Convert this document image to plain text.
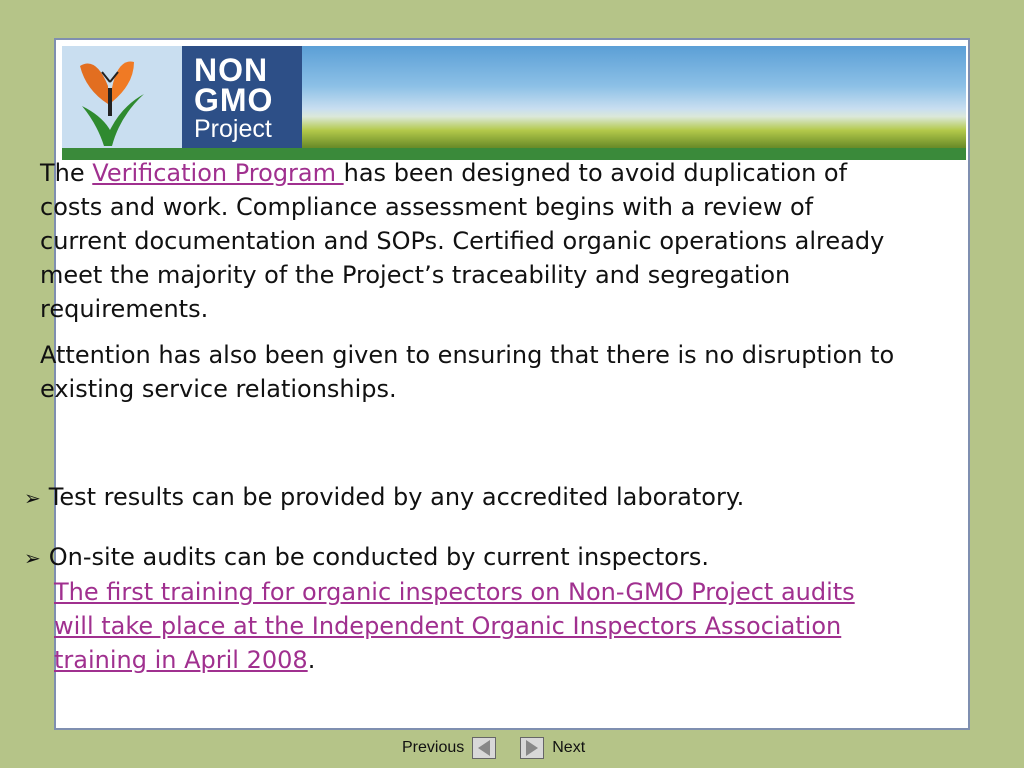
NON
GMO
Project

The Verification Program has been designed to avoid duplication of costs and work. Compliance assessment begins with a review of current documentation and SOPs. Certified organic operations already meet the majority of the Project’s traceability and segregation requirements.

Attention has also been given to ensuring that there is no disruption to existing service relationships.

➢ Test results can be provided by any accredited laboratory.

➢ On-site audits can be conducted by current inspectors.
The first training for organic inspectors on Non-GMO Project audits will take place at the Independent Organic Inspectors Association training in April 2008.

Previous	Next
